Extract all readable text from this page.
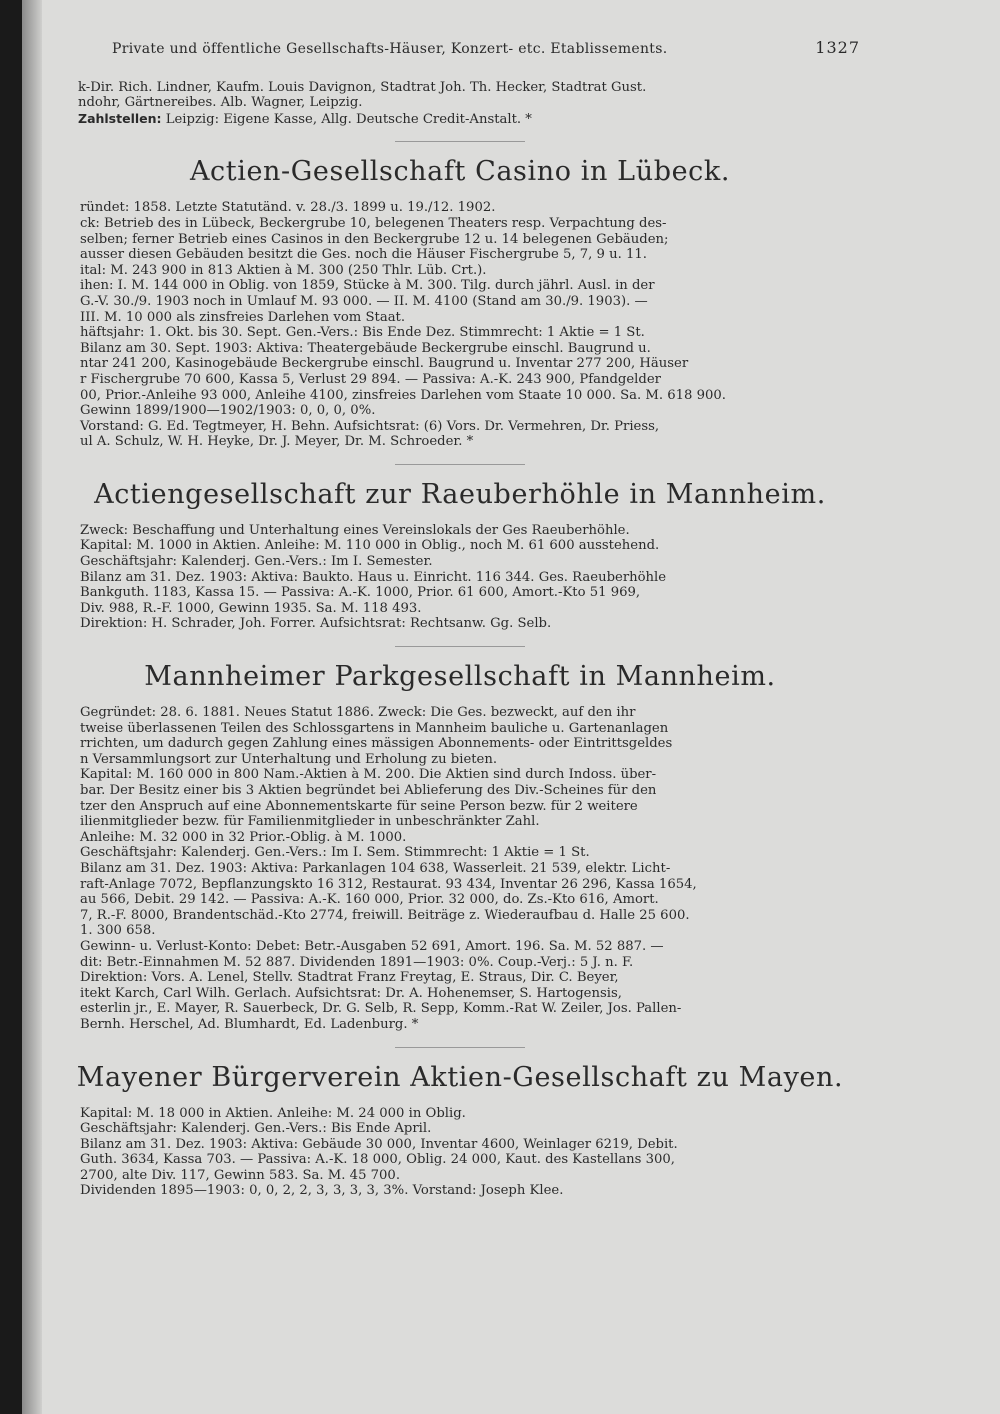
Private und öffentliche Gesellschafts-Häuser, Konzert- etc. Etablissements.	1327

k-Dir. Rich. Lindner, Kaufm. Louis Davignon, Stadtrat Joh. Th. Hecker, Stadtrat Gust.

ndohr, Gärtnereibes. Alb. Wagner, Leipzig.

Zahlstellen: Leipzig: Eigene Kasse, Allg. Deutsche Credit-Anstalt. *

Actien-Gesellschaft Casino in Lübeck.

ründet: 1858. Letzte Statutänd. v. 28./3. 1899 u. 19./12. 1902.

ck: Betrieb des in Lübeck, Beckergrube 10, belegenen Theaters resp. Verpachtung des-

selben; ferner Betrieb eines Casinos in den Beckergrube 12 u. 14 belegenen Gebäuden;

ausser diesen Gebäuden besitzt die Ges. noch die Häuser Fischergrube 5, 7, 9 u. 11.

ital: M. 243 900 in 813 Aktien à M. 300 (250 Thlr. Lüb. Crt.).

ihen: I. M. 144 000 in Oblig. von 1859, Stücke à M. 300. Tilg. durch jährl. Ausl. in der

G.-V. 30./9. 1903 noch in Umlauf M. 93 000. — II. M. 4100 (Stand am 30./9. 1903). —

III. M. 10 000 als zinsfreies Darlehen vom Staat.

häftsjahr: 1. Okt. bis 30. Sept. Gen.-Vers.: Bis Ende Dez. Stimmrecht: 1 Aktie = 1 St.

Bilanz am 30. Sept. 1903: Aktiva: Theatergebäude Beckergrube einschl. Baugrund u.

ntar 241 200, Kasinogebäude Beckergrube einschl. Baugrund u. Inventar 277 200, Häuser

r Fischergrube 70 600, Kassa 5, Verlust 29 894. — Passiva: A.-K. 243 900, Pfandgelder

00, Prior.-Anleihe 93 000, Anleihe 4100, zinsfreies Darlehen vom Staate 10 000. Sa. M. 618 900.

Gewinn 1899/1900—1902/1903: 0, 0, 0, 0%.

Vorstand: G. Ed. Tegtmeyer, H. Behn. Aufsichtsrat: (6) Vors. Dr. Vermehren, Dr. Priess,

ul A. Schulz, W. H. Heyke, Dr. J. Meyer, Dr. M. Schroeder. *

Actiengesellschaft zur Raeuberhöhle in Mannheim.

Zweck: Beschaffung und Unterhaltung eines Vereinslokals der Ges Raeuberhöhle.

Kapital: M. 1000 in Aktien. Anleihe: M. 110 000 in Oblig., noch M. 61 600 ausstehend.

Geschäftsjahr: Kalenderj. Gen.-Vers.: Im I. Semester.

Bilanz am 31. Dez. 1903: Aktiva: Baukto. Haus u. Einricht. 116 344. Ges. Raeuberhöhle

Bankguth. 1183, Kassa 15. — Passiva: A.-K. 1000, Prior. 61 600, Amort.-Kto 51 969,

Div. 988, R.-F. 1000, Gewinn 1935. Sa. M. 118 493.

Direktion: H. Schrader, Joh. Forrer. Aufsichtsrat: Rechtsanw. Gg. Selb.

Mannheimer Parkgesellschaft in Mannheim.

Gegründet: 28. 6. 1881. Neues Statut 1886. Zweck: Die Ges. bezweckt, auf den ihr

tweise überlassenen Teilen des Schlossgartens in Mannheim bauliche u. Gartenanlagen

rrichten, um dadurch gegen Zahlung eines mässigen Abonnements- oder Eintrittsgeldes

n Versammlungsort zur Unterhaltung und Erholung zu bieten.

Kapital: M. 160 000 in 800 Nam.-Aktien à M. 200. Die Aktien sind durch Indoss. über-

bar. Der Besitz einer bis 3 Aktien begründet bei Ablieferung des Div.-Scheines für den

tzer den Anspruch auf eine Abonnementskarte für seine Person bezw. für 2 weitere

ilienmitglieder bezw. für Familienmitglieder in unbeschränkter Zahl.

Anleihe: M. 32 000 in 32 Prior.-Oblig. à M. 1000.

Geschäftsjahr: Kalenderj. Gen.-Vers.: Im I. Sem. Stimmrecht: 1 Aktie = 1 St.

Bilanz am 31. Dez. 1903: Aktiva: Parkanlagen 104 638, Wasserleit. 21 539, elektr. Licht-

raft-Anlage 7072, Bepflanzungskto 16 312, Restaurat. 93 434, Inventar 26 296, Kassa 1654,

au 566, Debit. 29 142. — Passiva: A.-K. 160 000, Prior. 32 000, do. Zs.-Kto 616, Amort.

7, R.-F. 8000, Brandentschäd.-Kto 2774, freiwill. Beiträge z. Wiederaufbau d. Halle 25 600.

1. 300 658.

Gewinn- u. Verlust-Konto: Debet: Betr.-Ausgaben 52 691, Amort. 196. Sa. M. 52 887. —

dit: Betr.-Einnahmen M. 52 887. Dividenden 1891—1903: 0%. Coup.-Verj.: 5 J. n. F.

Direktion: Vors. A. Lenel, Stellv. Stadtrat Franz Freytag, E. Straus, Dir. C. Beyer,

itekt Karch, Carl Wilh. Gerlach. Aufsichtsrat: Dr. A. Hohenemser, S. Hartogensis,

esterlin jr., E. Mayer, R. Sauerbeck, Dr. G. Selb, R. Sepp, Komm.-Rat W. Zeiler, Jos. Pallen-

Bernh. Herschel, Ad. Blumhardt, Ed. Ladenburg. *

Mayener Bürgerverein Aktien-Gesellschaft zu Mayen.

Kapital: M. 18 000 in Aktien. Anleihe: M. 24 000 in Oblig.

Geschäftsjahr: Kalenderj. Gen.-Vers.: Bis Ende April.

Bilanz am 31. Dez. 1903: Aktiva: Gebäude 30 000, Inventar 4600, Weinlager 6219, Debit.

Guth. 3634, Kassa 703. — Passiva: A.-K. 18 000, Oblig. 24 000, Kaut. des Kastellans 300,

2700, alte Div. 117, Gewinn 583. Sa. M. 45 700.

Dividenden 1895—1903: 0, 0, 2, 2, 3, 3, 3, 3, 3%. Vorstand: Joseph Klee.
